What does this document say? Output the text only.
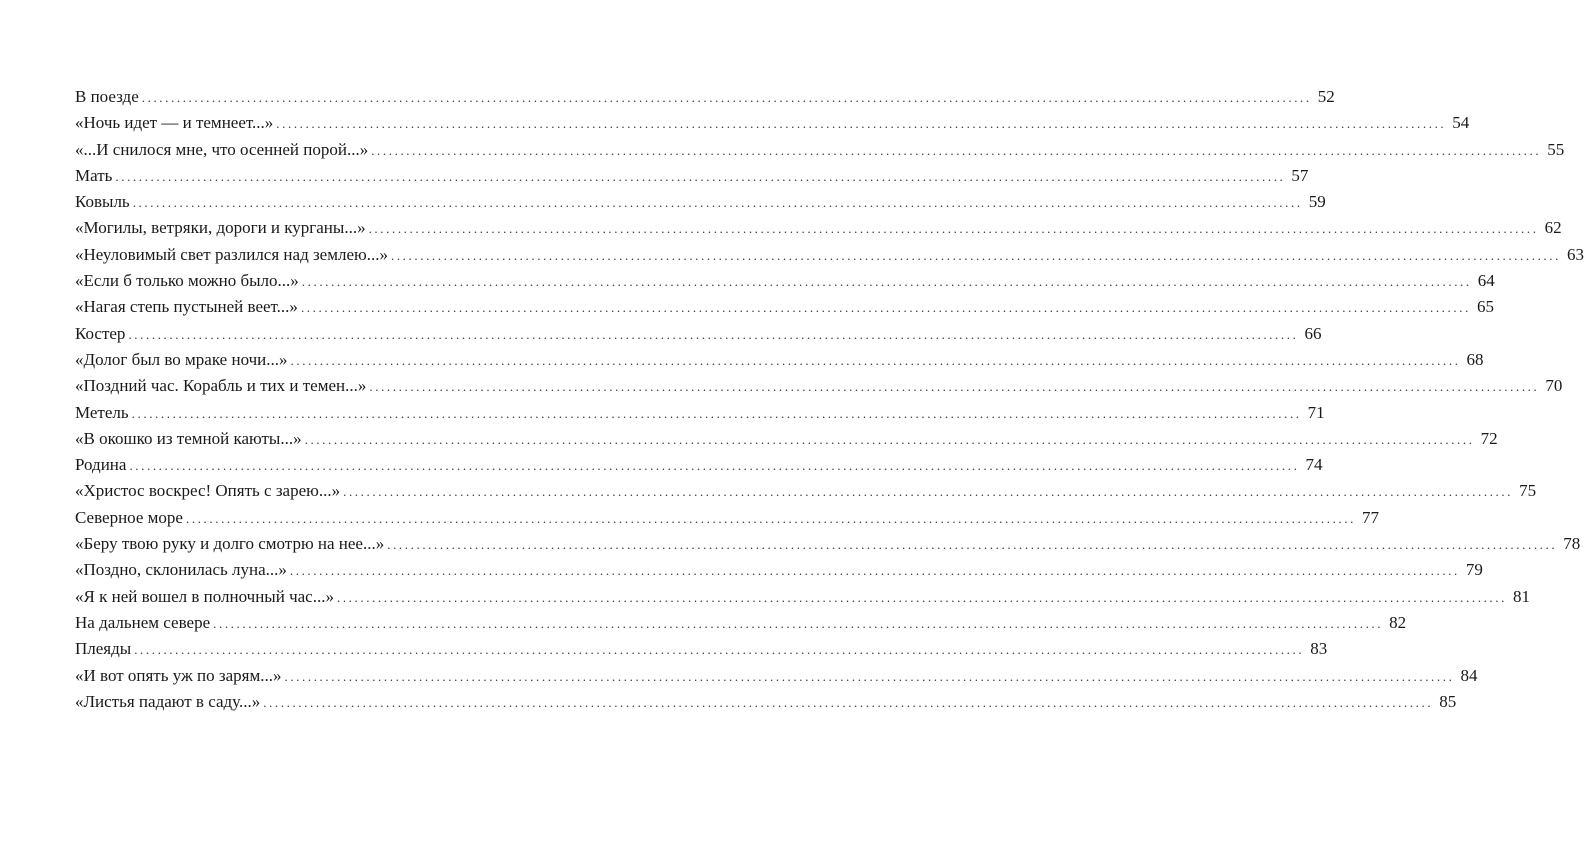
В поезде ........................................................................................................................................................................................................ 52
«Ночь идет — и темнеет...» ........................................................................................................................................................................................................ 54
«...И снилося мне, что осенней порой...» ........................................................................................................................................................................................................ 55
Мать ........................................................................................................................................................................................................ 57
Ковыль ........................................................................................................................................................................................................ 59
«Могилы, ветряки, дороги и курганы...» ........................................................................................................................................................................................................ 62
«Неуловимый свет разлился над землею...» ........................................................................................................................................................................................................ 63
«Если б только можно было...» ........................................................................................................................................................................................................ 64
«Нагая степь пустыней веет...» ........................................................................................................................................................................................................ 65
Костер ........................................................................................................................................................................................................ 66
«Долог был во мраке ночи...» ........................................................................................................................................................................................................ 68
«Поздний час. Корабль и тих и темен...» ........................................................................................................................................................................................................ 70
Метель ........................................................................................................................................................................................................ 71
«В окошко из темной каюты...» ........................................................................................................................................................................................................ 72
Родина ........................................................................................................................................................................................................ 74
«Христос воскрес! Опять с зарею...» ........................................................................................................................................................................................................ 75
Северное море ........................................................................................................................................................................................................ 77
«Беру твою руку и долго смотрю на нее...» ........................................................................................................................................................................................................ 78
«Поздно, склонилась луна...» ........................................................................................................................................................................................................ 79
«Я к ней вошел в полночный час...» ........................................................................................................................................................................................................ 81
На дальнем севере ........................................................................................................................................................................................................ 82
Плеяды ........................................................................................................................................................................................................ 83
«И вот опять уж по зарям...» ........................................................................................................................................................................................................ 84
«Листья падают в саду...» ........................................................................................................................................................................................................ 85
